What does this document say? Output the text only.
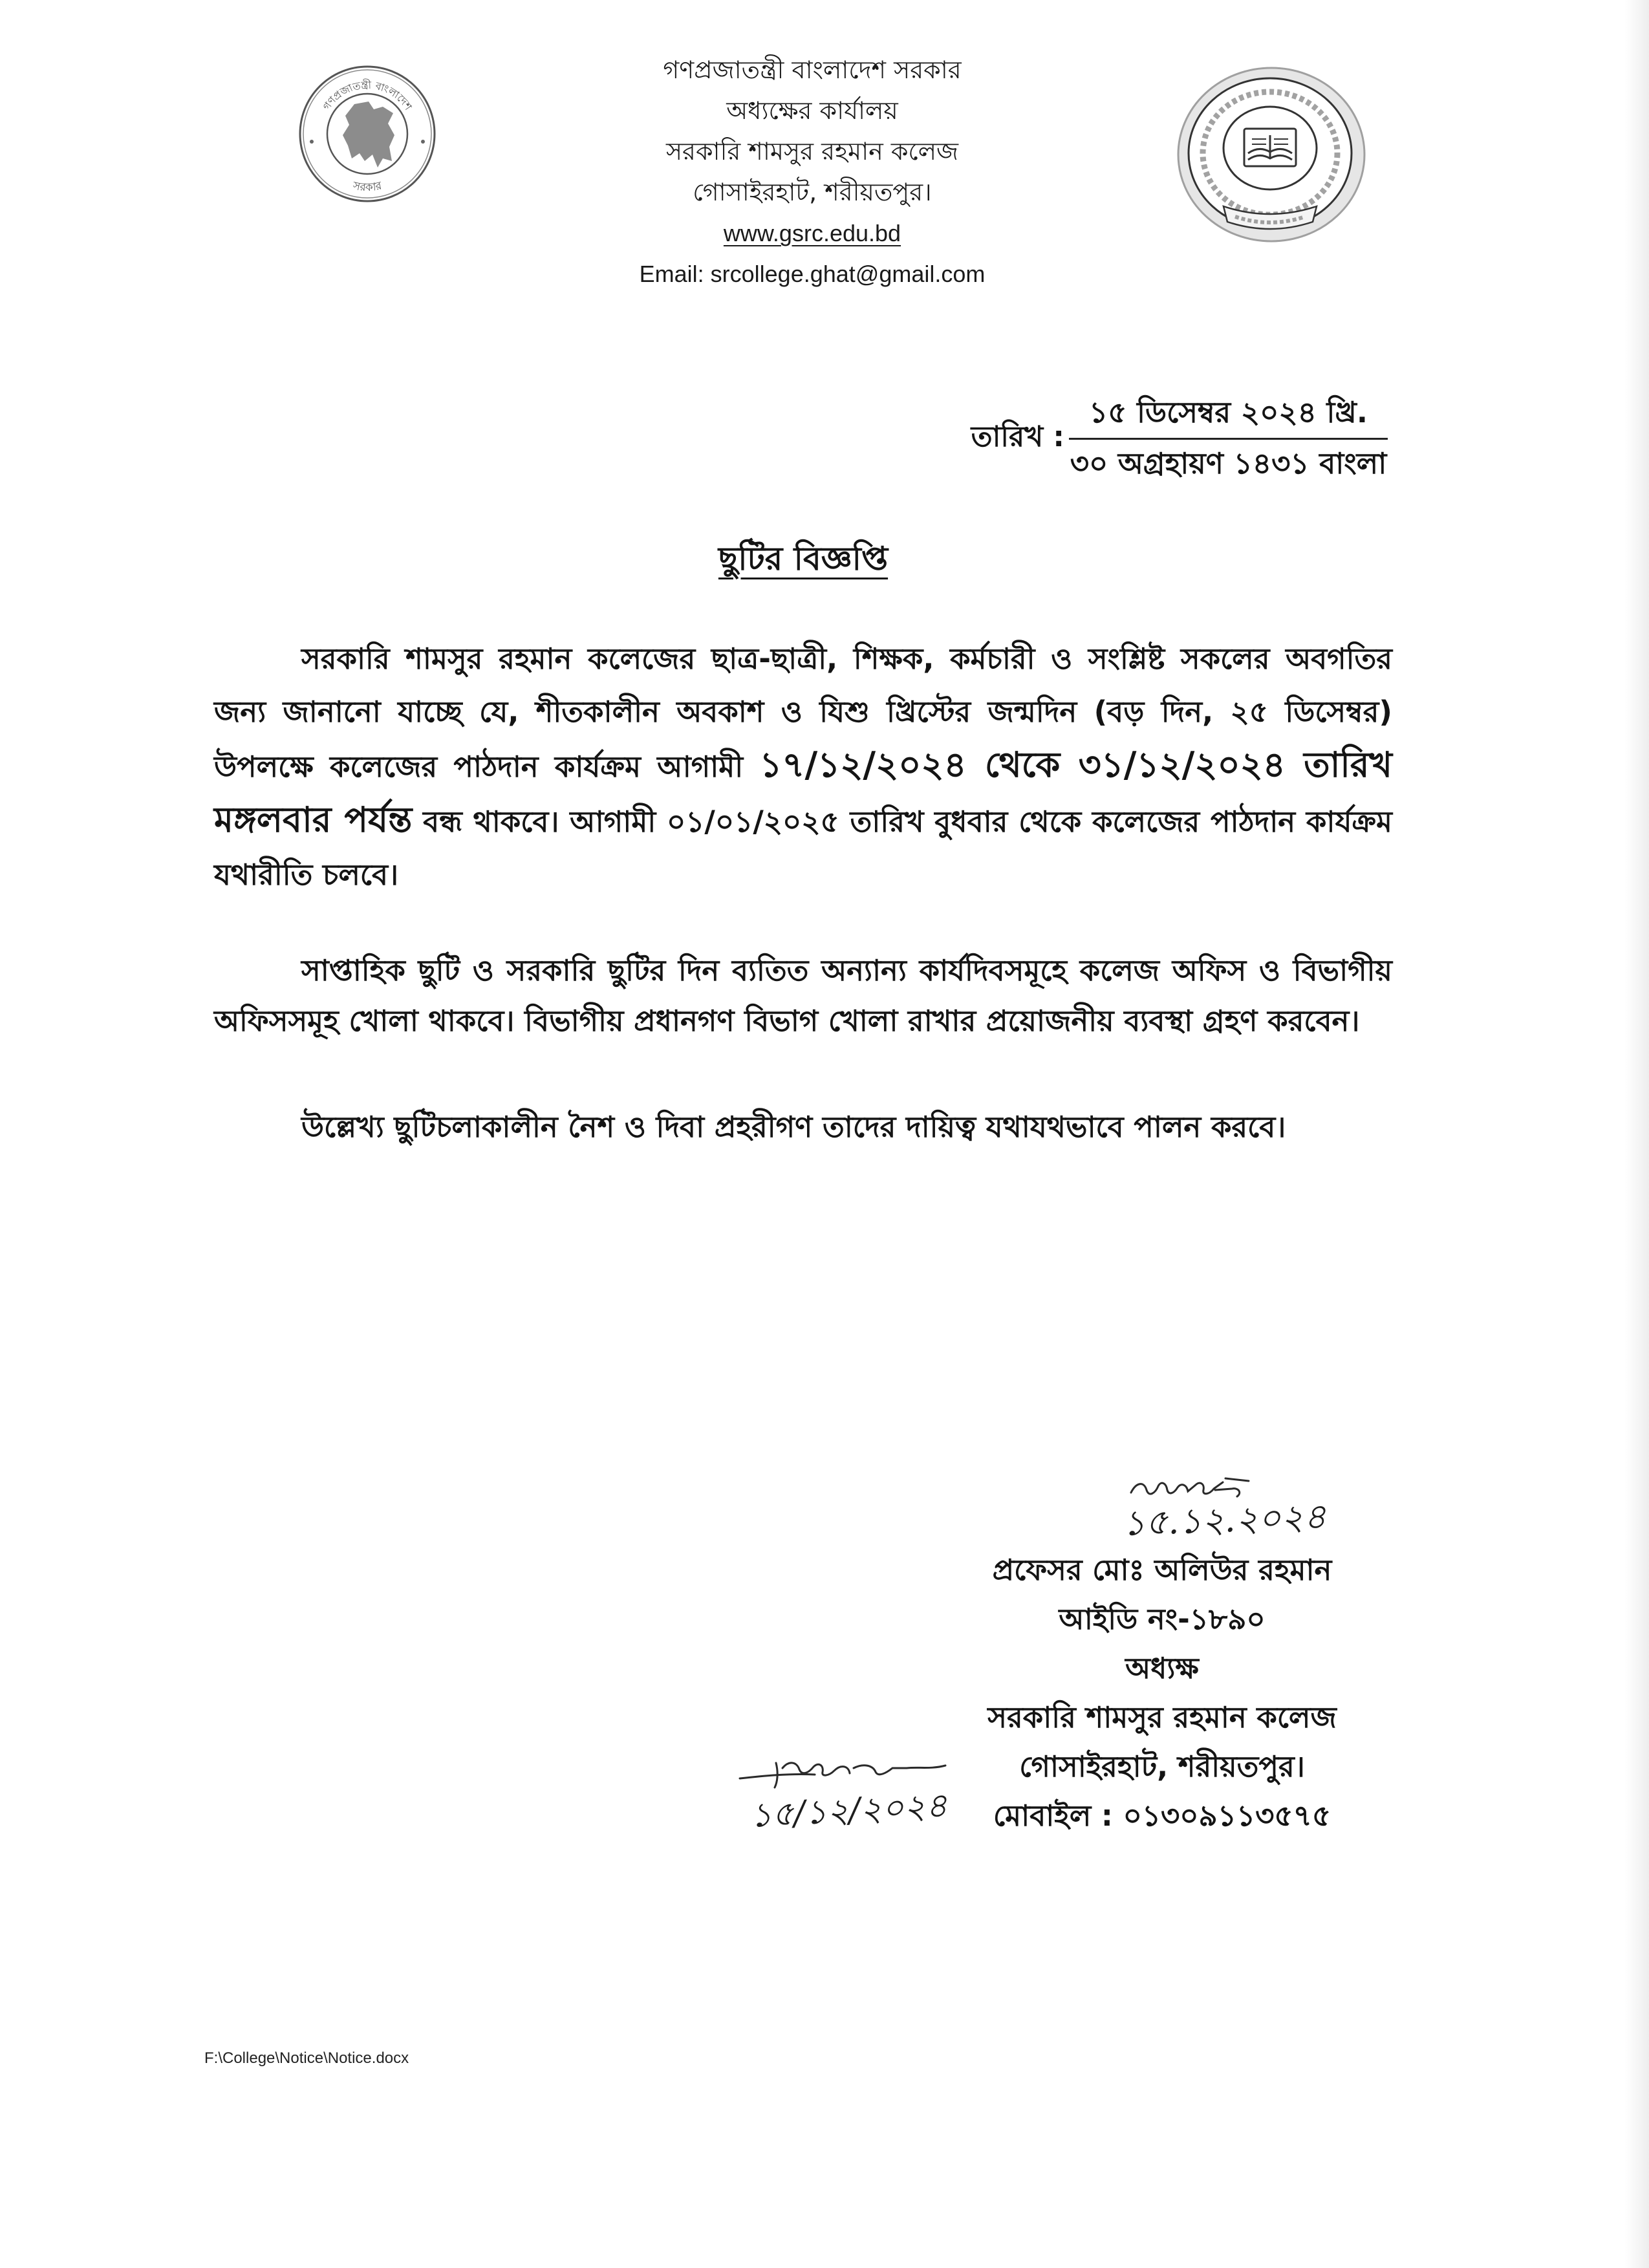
গণপ্রজাতন্ত্রী বাংলাদেশ
সরকার
গণপ্রজাতন্ত্রী বাংলাদেশ সরকার
অধ্যক্ষের কার্যালয়
সরকারি শামসুর রহমান কলেজ
গোসাইরহাট, শরীয়তপুর।
www.gsrc.edu.bd
Email: srcollege.ghat@gmail.com
তারিখ :
১৫ ডিসেম্বর ২০২৪ খ্রি.
৩০ অগ্রহায়ণ ১৪৩১ বাংলা
ছুটির বিজ্ঞপ্তি

সরকারি শামসুর রহমান কলেজের ছাত্র-ছাত্রী, শিক্ষক, কর্মচারী ও সংশ্লিষ্ট সকলের অবগতির জন্য জানানো যাচ্ছে যে, শীতকালীন অবকাশ ও যিশু খ্রিস্টের জন্মদিন (বড় দিন, ২৫ ডিসেম্বর) উপলক্ষে কলেজের পাঠদান কার্যক্রম আগামী ১৭/১২/২০২৪ থেকে ৩১/১২/২০২৪ তারিখ মঙ্গলবার পর্যন্ত বন্ধ থাকবে। আগামী ০১/০১/২০২৫ তারিখ বুধবার থেকে কলেজের পাঠদান কার্যক্রম যথারীতি চলবে।

সাপ্তাহিক ছুটি ও সরকারি ছুটির দিন ব্যতিত অন্যান্য কার্যদিবসমূহে কলেজ অফিস ও বিভাগীয় অফিসসমূহ খোলা থাকবে। বিভাগীয় প্রধানগণ বিভাগ খোলা রাখার প্রয়োজনীয় ব্যবস্থা গ্রহণ করবেন।

উল্লেখ্য ছুটিচলাকালীন নৈশ ও দিবা প্রহরীগণ তাদের দায়িত্ব যথাযথভাবে পালন করবে।

১৫.১২.২০২৪
প্রফেসর মোঃ অলিউর রহমান
আইডি নং-১৮৯০
অধ্যক্ষ
সরকারি শামসুর রহমান কলেজ
গোসাইরহাট, শরীয়তপুর।
মোবাইল : ০১৩০৯১১৩৫৭৫
১৫/১২/২০২৪
F:\College\Notice\Notice.docx
